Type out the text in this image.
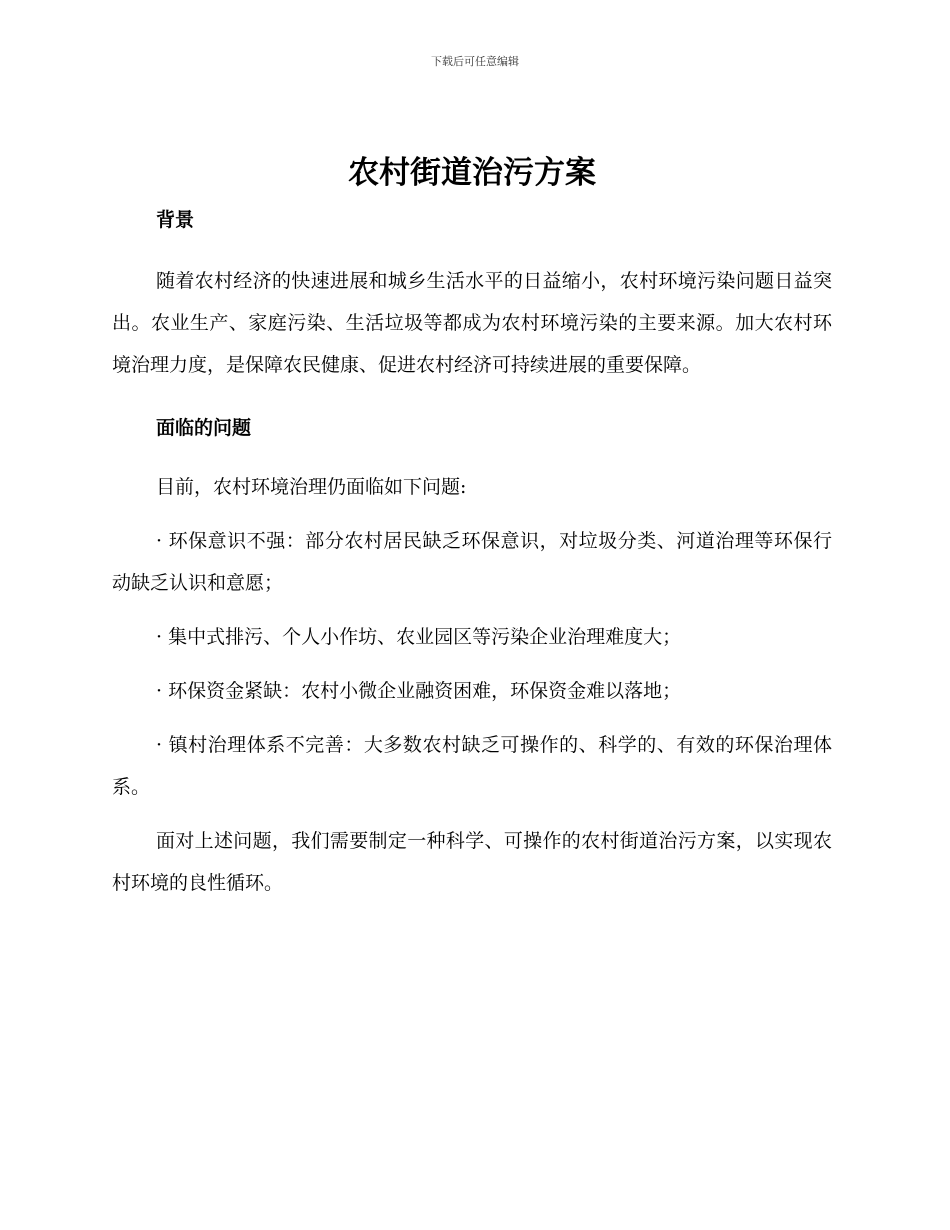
下载后可任意编辑
农村街道治污方案
背景

随着农村经济的快速进展和城乡生活水平的日益缩小，农村环境污染问题日益突出。农业生产、家庭污染、生活垃圾等都成为农村环境污染的主要来源。加大农村环境治理力度，是保障农民健康、促进农村经济可持续进展的重要保障。

面临的问题

目前，农村环境治理仍面临如下问题:

· 环保意识不强：部分农村居民缺乏环保意识，对垃圾分类、河道治理等环保行动缺乏认识和意愿；

· 集中式排污、个人小作坊、农业园区等污染企业治理难度大；

· 环保资金紧缺：农村小微企业融资困难，环保资金难以落地；

· 镇村治理体系不完善：大多数农村缺乏可操作的、科学的、有效的环保治理体系。

面对上述问题，我们需要制定一种科学、可操作的农村街道治污方案，以实现农村环境的良性循环。
